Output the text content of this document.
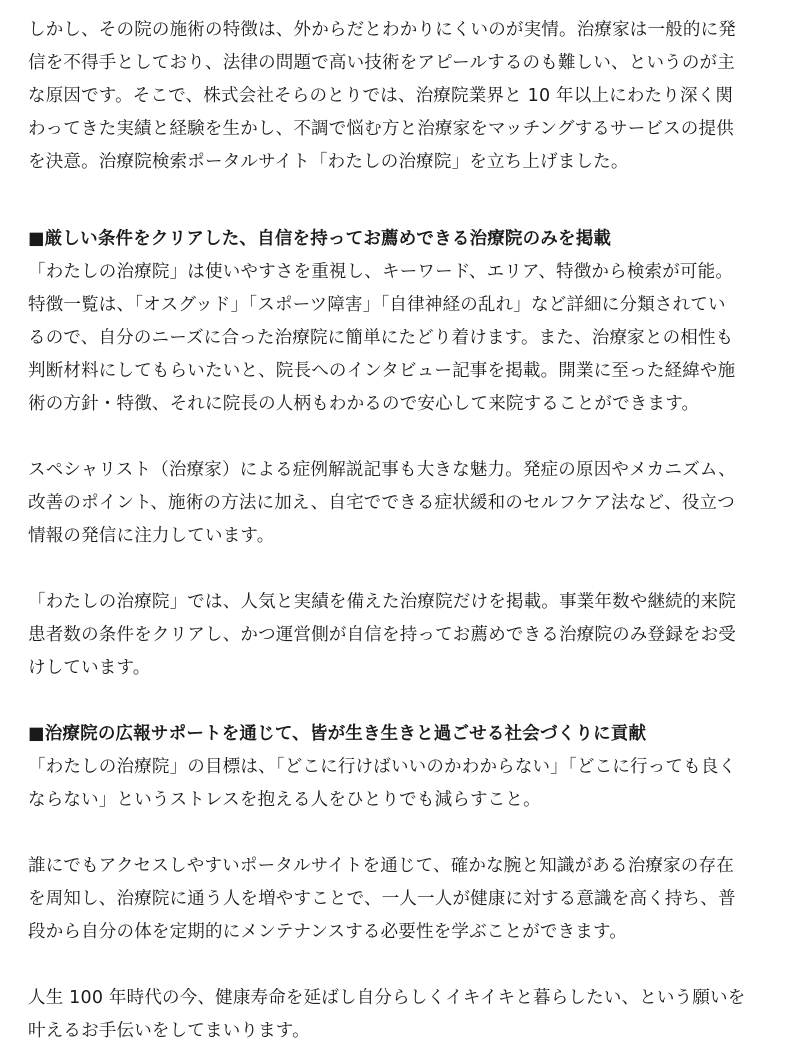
しかし、その院の施術の特徴は、外からだとわかりにくいのが実情。治療家は一般的に発
信を不得手としており、法律の問題で高い技術をアピールするのも難しい、というのが主
な原因です。そこで、株式会社そらのとりでは、治療院業界と 10 年以上にわたり深く関
わってきた実績と経験を生かし、不調で悩む方と治療家をマッチングするサービスの提供
を決意。治療院検索ポータルサイト「わたしの治療院」を立ち上げました。
■厳しい条件をクリアした、自信を持ってお薦めできる治療院のみを掲載
「わたしの治療院」は使いやすさを重視し、キーワード、エリア、特徴から検索が可能。
特徴一覧は、「オスグッド」「スポーツ障害」「自律神経の乱れ」など詳細に分類されてい
るので、自分のニーズに合った治療院に簡単にたどり着けます。また、治療家との相性も
判断材料にしてもらいたいと、院長へのインタビュー記事を掲載。開業に至った経緯や施
術の方針・特徴、それに院長の人柄もわかるので安心して来院することができます。
スペシャリスト（治療家）による症例解説記事も大きな魅力。発症の原因やメカニズム、
改善のポイント、施術の方法に加え、自宅でできる症状緩和のセルフケア法など、役立つ
情報の発信に注力しています。
「わたしの治療院」では、人気と実績を備えた治療院だけを掲載。事業年数や継続的来院
患者数の条件をクリアし、かつ運営側が自信を持ってお薦めできる治療院のみ登録をお受
けしています。
■治療院の広報サポートを通じて、皆が生き生きと過ごせる社会づくりに貢献
「わたしの治療院」の目標は、「どこに行けばいいのかわからない」「どこに行っても良く
ならない」というストレスを抱える人をひとりでも減らすこと。
誰にでもアクセスしやすいポータルサイトを通じて、確かな腕と知識がある治療家の存在
を周知し、治療院に通う人を増やすことで、一人一人が健康に対する意識を高く持ち、普
段から自分の体を定期的にメンテナンスする必要性を学ぶことができます。
人生 100 年時代の今、健康寿命を延ばし自分らしくイキイキと暮らしたい、という願いを
叶えるお手伝いをしてまいります。
